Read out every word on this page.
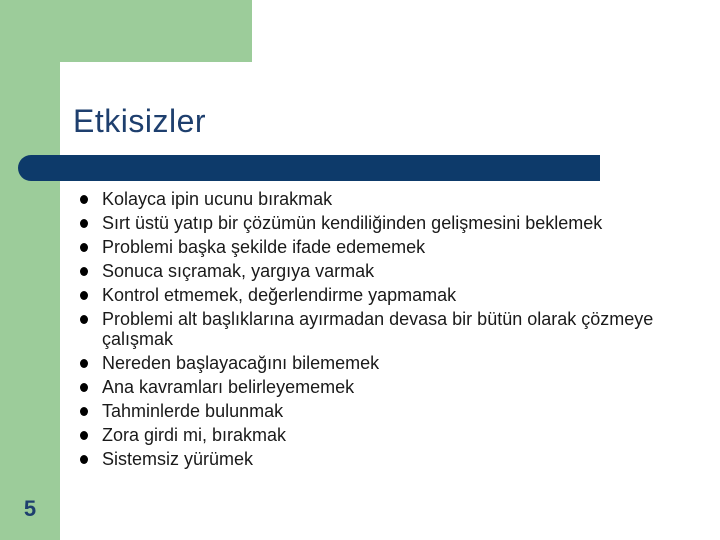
Etkisizler
Kolayca ipin ucunu bırakmak
Sırt üstü yatıp bir çözümün kendiliğinden gelişmesini beklemek
Problemi başka şekilde ifade edememek
Sonuca sıçramak, yargıya varmak
Kontrol etmemek, değerlendirme yapmamak
Problemi alt başlıklarına ayırmadan devasa bir bütün olarak çözmeye çalışmak
Nereden başlayacağını bilememek
Ana kavramları belirleyememek
Tahminlerde bulunmak
Zora girdi mi, bırakmak
Sistemsiz yürümek
5
